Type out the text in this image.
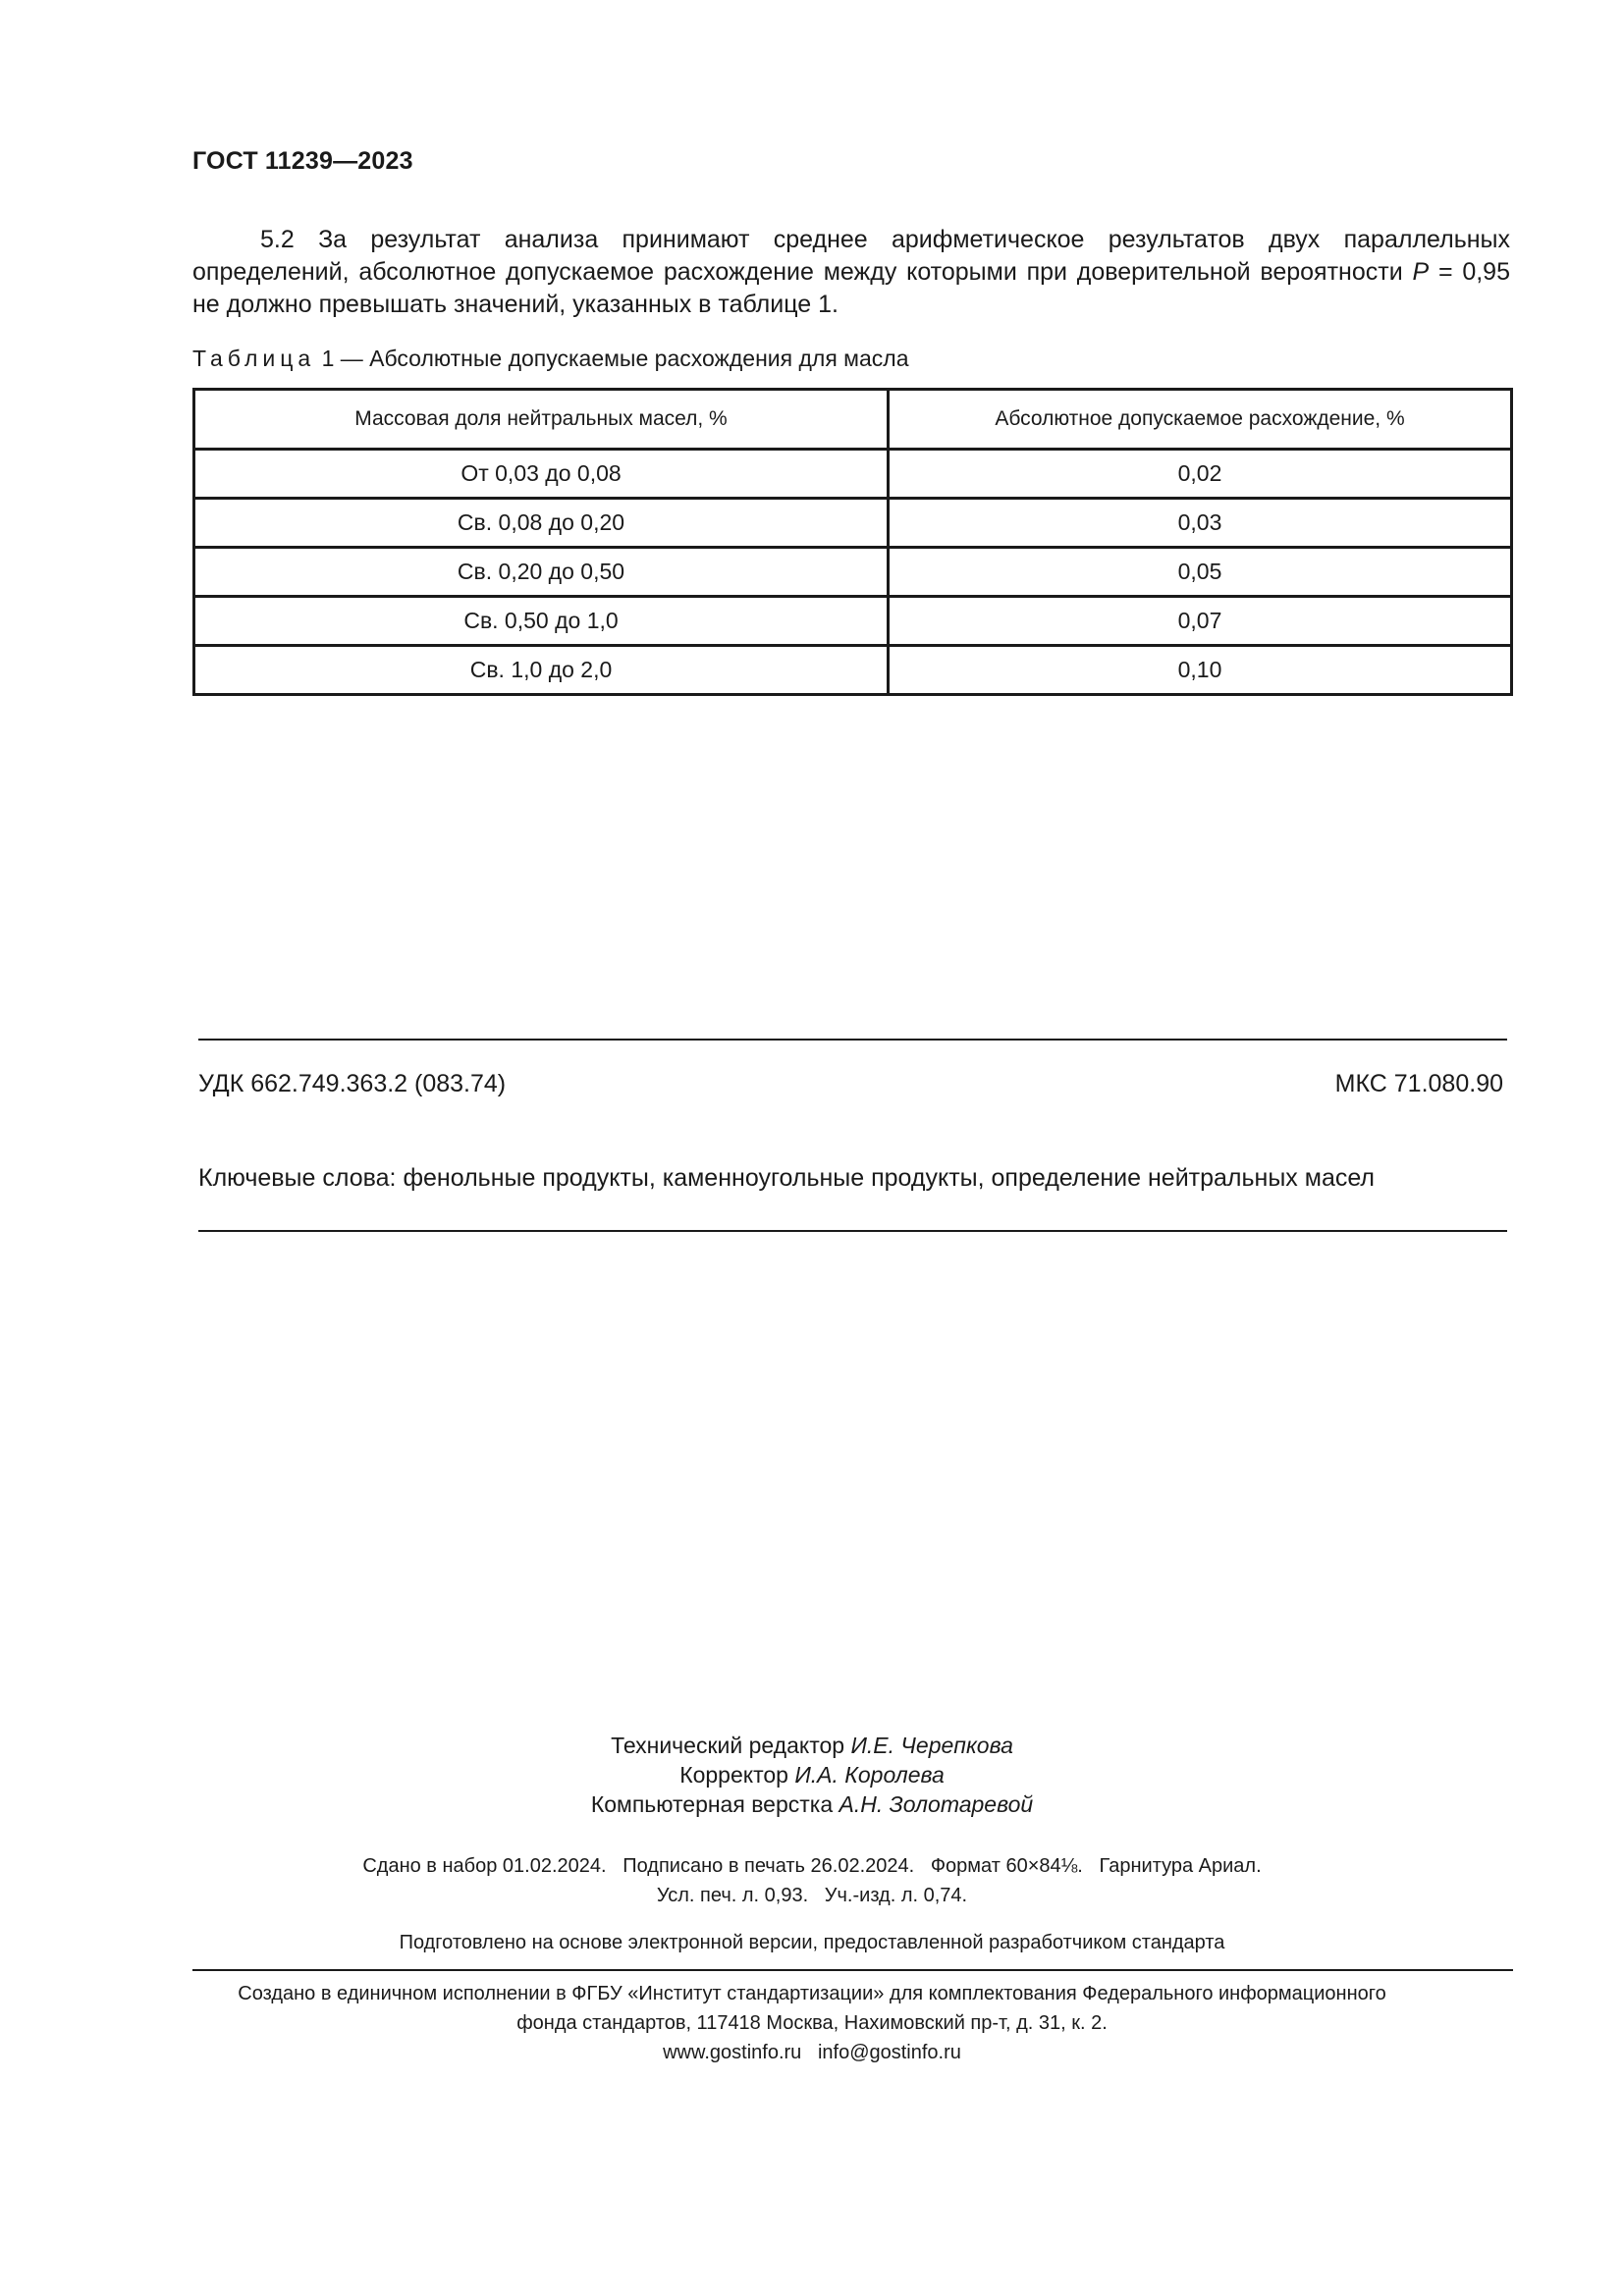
ГОСТ 11239—2023
5.2 За результат анализа принимают среднее арифметическое результатов двух параллельных определений, абсолютное допускаемое расхождение между которыми при доверительной вероятности P = 0,95 не должно превышать значений, указанных в таблице 1.
Таблица 1 — Абсолютные допускаемые расхождения для масла
Массовая доля нейтральных масел, %	Абсолютное допускаемое расхождение, %
От 0,03 до 0,08	0,02
Св. 0,08 до 0,20	0,03
Св. 0,20 до 0,50	0,05
Св. 0,50 до 1,0	0,07
Св. 1,0 до 2,0	0,10
УДК 662.749.363.2 (083.74)	МКС 71.080.90
Ключевые слова: фенольные продукты, каменноугольные продукты, определение нейтральных масел
Технический редактор И.Е. Черепкова
Корректор И.А. Королева
Компьютерная верстка А.Н. Золотаревой
Сдано в набор 01.02.2024.   Подписано в печать 26.02.2024.   Формат 60×84⅛.   Гарнитура Ариал.
Усл. печ. л. 0,93.   Уч.-изд. л. 0,74.
Подготовлено на основе электронной версии, предоставленной разработчиком стандарта
Создано в единичном исполнении в ФГБУ «Институт стандартизации» для комплектования Федерального информационного
фонда стандартов, 117418 Москва, Нахимовский пр-т, д. 31, к. 2.
www.gostinfo.ru   info@gostinfo.ru
